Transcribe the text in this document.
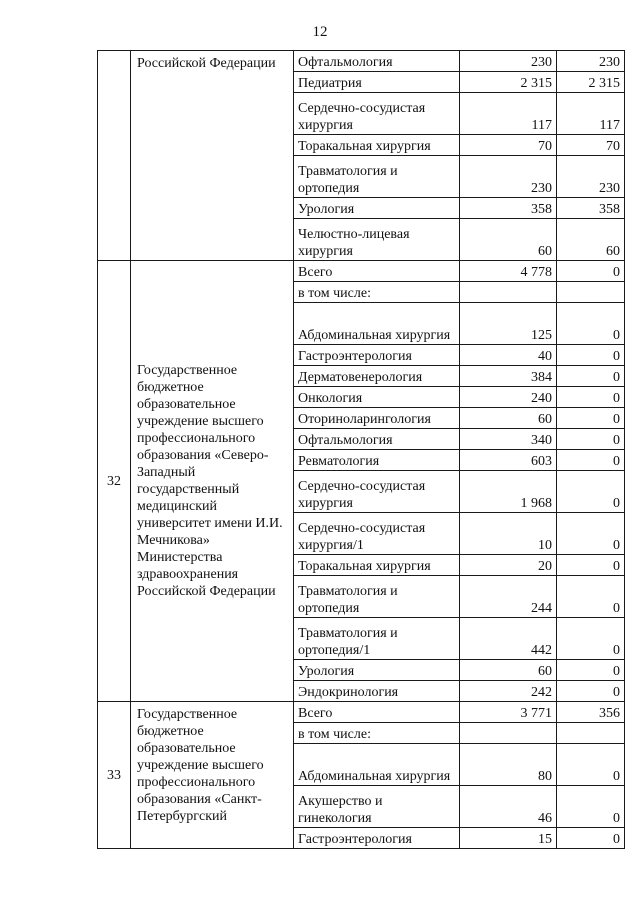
12
	Российской Федерации	Офтальмология	230	230
		Педиатрия	2 315	2 315
		Сердечно-сосудистая хирургия	117	117
		Торакальная хирургия	70	70
		Травматология и ортопедия	230	230
		Урология	358	358
		Челюстно-лицевая хирургия	60	60
32	Государственное бюджетное образовательное учреждение высшего профессионального образования «Северо-Западный государственный медицинский университет имени И.И. Мечникова» Министерства здравоохранения Российской Федерации	Всего	4 778	0
		в том числе:		
		Абдоминальная хирургия	125	0
		Гастроэнтерология	40	0
		Дерматовенерология	384	0
		Онкология	240	0
		Оториноларингология	60	0
		Офтальмология	340	0
		Ревматология	603	0
		Сердечно-сосудистая хирургия	1 968	0
		Сердечно-сосудистая хирургия/1	10	0
		Торакальная хирургия	20	0
		Травматология и ортопедия	244	0
		Травматология и ортопедия/1	442	0
		Урология	60	0
		Эндокринология	242	0
33	Государственное бюджетное образовательное учреждение высшего профессионального образования «Санкт-Петербургский	Всего	3 771	356
		в том числе:		
		Абдоминальная хирургия	80	0
		Акушерство и гинекология	46	0
		Гастроэнтерология	15	0
